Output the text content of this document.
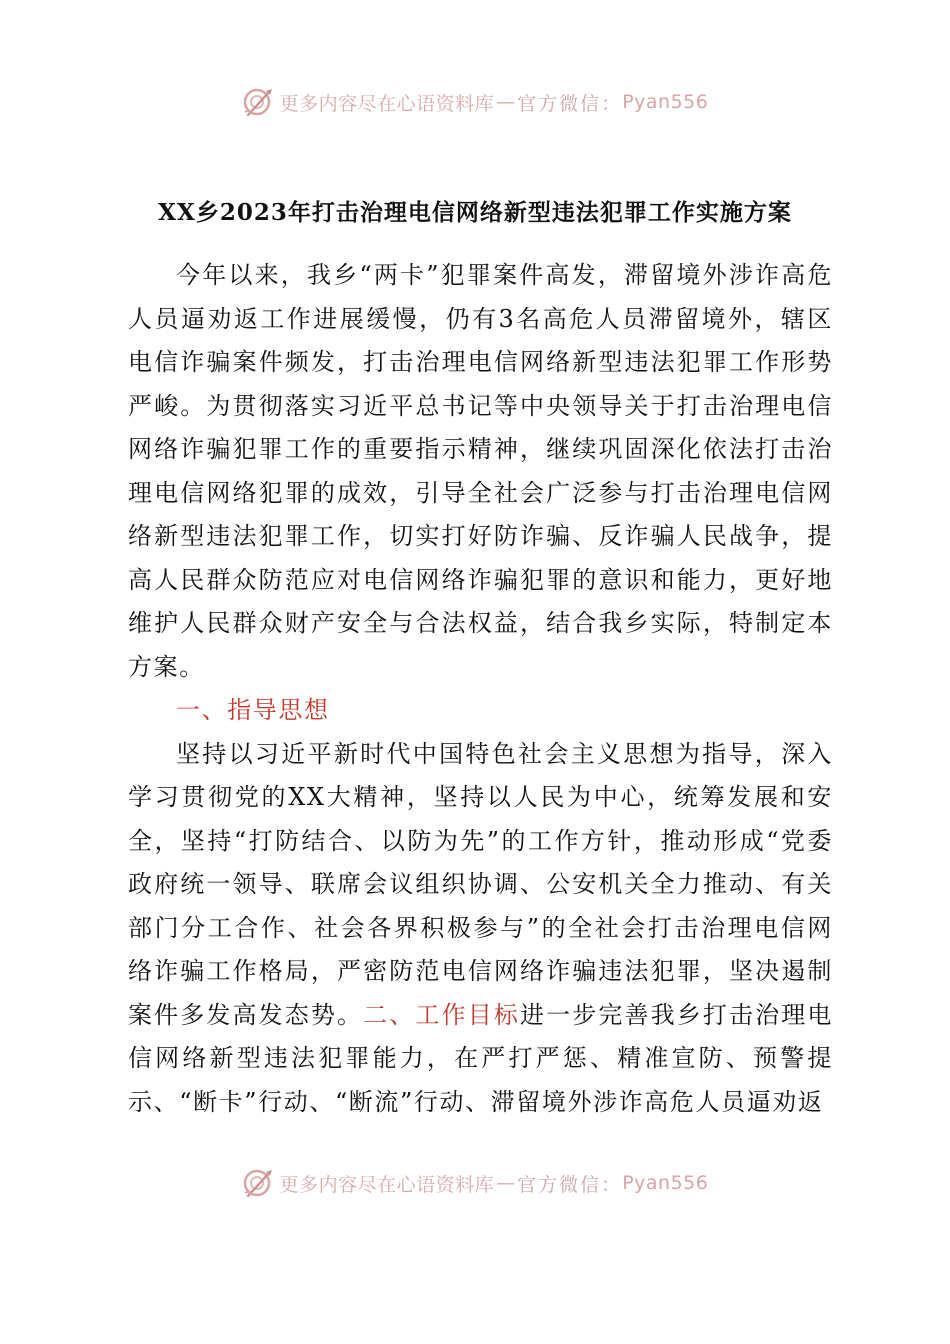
更多内容尽在心语资料库 — 官方微信： Pyan556
XX乡2023年打击治理电信网络新型违法犯罪工作实施方案

今年以来，我乡“两卡”犯罪案件高发，滞留境外涉诈高危人员逼劝返工作进展缓慢，仍有3名高危人员滞留境外，辖区电信诈骗案件频发，打击治理电信网络新型违法犯罪工作形势严峻。为贯彻落实习近平总书记等中央领导关于打击治理电信网络诈骗犯罪工作的重要指示精神，继续巩固深化依法打击治理电信网络犯罪的成效，引导全社会广泛参与打击治理电信网络新型违法犯罪工作，切实打好防诈骗、反诈骗人民战争，提高人民群众防范应对电信网络诈骗犯罪的意识和能力，更好地维护人民群众财产安全与合法权益，结合我乡实际，特制定本方案。

一、指导思想

坚持以习近平新时代中国特色社会主义思想为指导，深入学习贯彻党的XX大精神，坚持以人民为中心，统筹发展和安全，坚持“打防结合、以防为先”的工作方针，推动形成“党委政府统一领导、联席会议组织协调、公安机关全力推动、有关部门分工合作、社会各界积极参与”的全社会打击治理电信网络诈骗工作格局，严密防范电信网络诈骗违法犯罪，坚决遏制案件多发高发态势。二、工作目标进一步完善我乡打击治理电信网络新型违法犯罪能力，在严打严惩、精准宣防、预警提示、“断卡”行动、“断流”行动、滞留境外涉诈高危人员逼劝返

更多内容尽在心语资料库 — 官方微信： Pyan556
